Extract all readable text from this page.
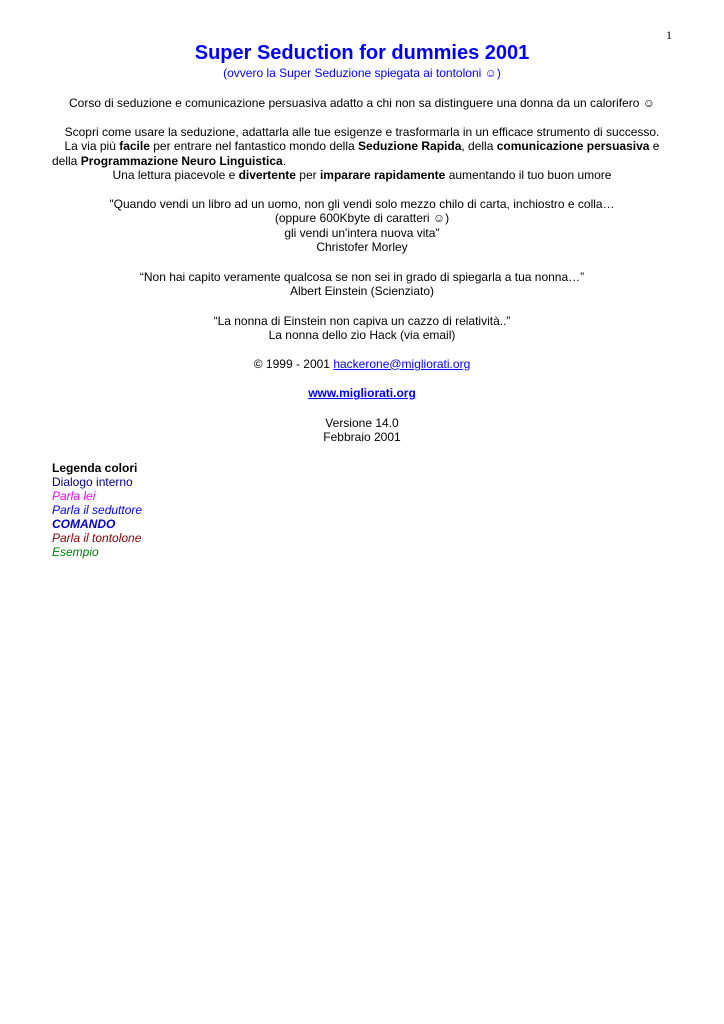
1
Super Seduction for dummies 2001

(ovvero la Super Seduzione spiegata ai tontoloni ☺)

Corso di seduzione e comunicazione persuasiva adatto a chi non sa distinguere una donna da un calorifero ☺

Scopri come usare la seduzione, adattarla alle tue esigenze e trasformarla in un efficace strumento di successo.

La via più facile per entrare nel fantastico mondo della Seduzione Rapida, della comunicazione persuasiva e

della Programmazione Neuro Linguistica.

Una lettura piacevole e divertente per imparare rapidamente aumentando il tuo buon umore

"Quando vendi un libro ad un uomo, non gli vendi solo mezzo chilo di carta, inchiostro e colla…

(oppure 600Kbyte di caratteri ☺)

gli vendi un'intera nuova vita"

Christofer Morley

“Non hai capito veramente qualcosa se non sei in grado di spiegarla a tua nonna…”

Albert Einstein (Scienziato)

“La nonna di Einstein non capiva un cazzo di relatività..”

La nonna dello zio Hack (via email)

© 1999 - 2001 hackerone@migliorati.org

www.migliorati.org

Versione 14.0

Febbraio 2001

Legenda colori
Dialogo interno
Parla lei
Parla il seduttore
COMANDO
Parla il tontolone
Esempio
